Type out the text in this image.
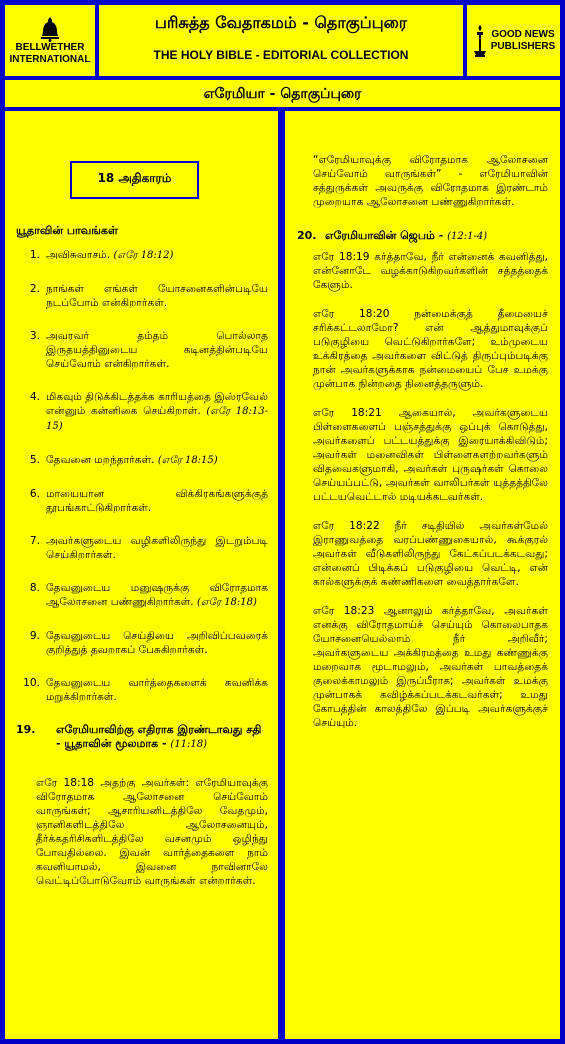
BELLWETHER
INTERNATIONAL
பரிசுத்த வேதாகமம் - தொகுப்புரை
THE HOLY BIBLE - EDITORIAL COLLECTION
GOOD NEWS
PUBLISHERS
எரேமியா - தொகுப்புரை
18 அதிகாரம்
யூதாவின் பாவங்கள்
1. அவிசுவாசம். (எரே 18:12)
2. நாங்கள் எங்கள் யோசனைகளின்படியே நடப்போம் என்கிறார்கள்.
3. அவரவர் தம்தம் பொல்லாத இருதயத்தினுடைய கடினத்தின்படியே செய்வோம் என்கிறார்கள்.
4. மிகவும் திடுக்கிடத்தக்க காரியத்தை இஸ்ரவேல் என்னும் கன்னிகை செய்கிறாள். (எரே 18:13-15)
5. தேவனை மறந்தார்கள். (எரே 18:15)
6. மாயையான விக்கிரகங்களுக்குத் தூபங்காட்டுகிறார்கள்.
7. அவர்களுடைய வழிகளிலிருந்து இடறும்படி செய்கிறார்கள்.
8. தேவனுடைய மனுஷருக்கு விரோதமாக ஆலோசனை பண்ணுகிறார்கள். (எரே 18:18)
9. தேவனுடைய செய்தியை அறிவிப்பவரைக் குறித்துத் தவறாகப் பேசுகிறார்கள்.
10. தேவனுடைய வார்த்தைகளைக் கவனிக்க மறுக்கிறார்கள்.
19.	எரேமியாவிற்கு எதிராக இரண்டாவது சதி - யூதாவின் மூலமாக - (11:18)

எரே 18:18 அதற்கு அவர்கள்: எரேமியாவுக்கு விரோதமாக ஆலோசனை செய்வோம் வாருங்கள்; ஆசாரியனிடத்திலே வேதமும், ஞானிகளிடத்திலே ஆலோசனையும், தீர்க்கதரிசிகளிடத்திலே வசனமும் ஒழிந்து போவதில்லை. இவன் வார்த்தைகளை நாம் கவனியாமல், இவனை நாவினாலே வெட்டிப்போடுவோம் வாருங்கள் என்றார்கள்.

“எரேமியாவுக்கு விரோதமாக ஆலோசனை செய்வோம் வாருங்கள்” - எரேமியாவின் சத்துருக்கள் அவருக்கு விரோதமாக இரண்டாம் முறையாக ஆலோசனை பண்ணுகிறார்கள்.

20. எரேமியாவின் ஜெபம் - (12:1-4)

எரே 18:19 கர்த்தாவே, நீர் என்னைக் கவனித்து, என்னோடே வழக்காடுகிறவர்களின் சத்தத்தைக் கேளும்.

எரே 18:20 நன்மைக்குத் தீமையைச் சரிக்கட்டலாமோ? என் ஆத்துமாவுக்குப் படுகுழியை வெட்டுகிறார்களே; உம்முடைய உக்கிரத்தை அவர்களை விட்டுத் திருப்பும்படிக்கு நான் அவர்களுக்காக நன்மையைப் பேச உமக்கு முன்பாக நின்றதை நினைத்தருளும்.

எரே 18:21 ஆகையால், அவர்களுடைய பிள்ளைகளைப் பஞ்சத்துக்கு ஒப்புக் கொடுத்து, அவர்களைப் பட்டயத்துக்கு இரையாக்கிவிடும்; அவர்கள் மனைவிகள் பிள்ளைகளற்றவர்களும் விதவைகளுமாகி, அவர்கள் புருஷர்கள் கொலை செய்யப்பட்டு, அவர்கள் வாலிபர்கள் யுத்தத்திலே பட்டயவெட்டால் மடியக்கடவர்கள்.

எரே 18:22 நீர் சடிதியில் அவர்கள்மேல் இராணுவத்தை வரப்பண்ணுகையால், கூக்குரல் அவர்கள் வீடுகளிலிருந்து கேட்கப்படக்கடவது; என்னைப் பிடிக்கப் படுகுழியை வெட்டி, என் கால்களுக்குக் கண்ணிகளை வைத்தார்களே.

எரே 18:23 ஆனாலும் கர்த்தாவே, அவர்கள் எனக்கு விரோதமாய்ச் செய்யும் கொலைபாதக யோசனையெல்லாம் நீர் அறிவீர்; அவர்களுடைய அக்கிரமத்தை உமது கண்ணுக்கு மறைவாக மூடாமலும், அவர்கள் பாவத்தைக் குலைக்காமலும் இருப்பீராக; அவர்கள் உமக்கு முன்பாகக் கவிழ்க்கப்படக்கடவர்கள்; உமது கோபத்தின் காலத்திலே இப்படி அவர்களுக்குச் செய்யும்.
